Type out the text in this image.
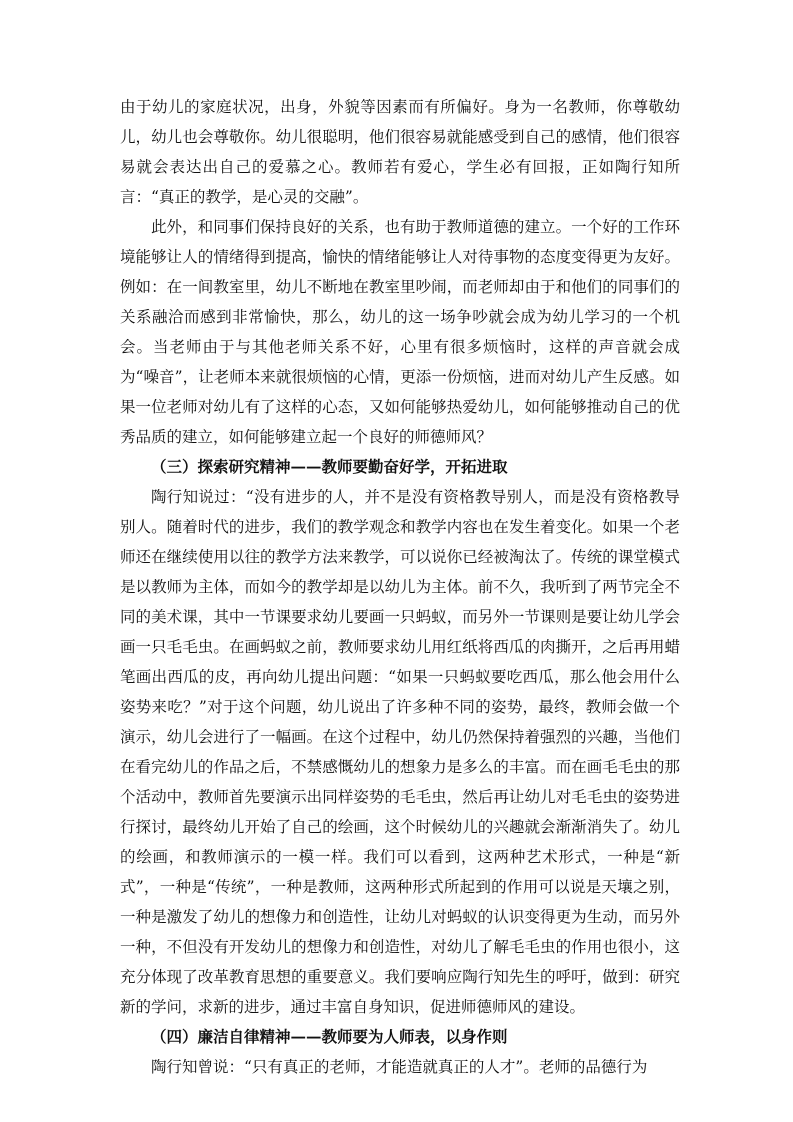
由于幼儿的家庭状况，出身，外貌等因素而有所偏好。身为一名教师，你尊敬幼儿，幼儿也会尊敬你。幼儿很聪明，他们很容易就能感受到自己的感情，他们很容易就会表达出自己的爱慕之心。教师若有爱心，学生必有回报，正如陶行知所言：“真正的教学，是心灵的交融”。

此外，和同事们保持良好的关系，也有助于教师道德的建立。一个好的工作环境能够让人的情绪得到提高，愉快的情绪能够让人对待事物的态度变得更为友好。例如：在一间教室里，幼儿不断地在教室里吵闹，而老师却由于和他们的同事们的关系融洽而感到非常愉快，那么，幼儿的这一场争吵就会成为幼儿学习的一个机会。当老师由于与其他老师关系不好，心里有很多烦恼时，这样的声音就会成为“噪音”，让老师本来就很烦恼的心情，更添一份烦恼，进而对幼儿产生反感。如果一位老师对幼儿有了这样的心态，又如何能够热爱幼儿，如何能够推动自己的优秀品质的建立，如何能够建立起一个良好的师德师风？

（三）探索研究精神——教师要勤奋好学，开拓进取

陶行知说过：“没有进步的人，并不是没有资格教导别人，而是没有资格教导别人。随着时代的进步，我们的教学观念和教学内容也在发生着变化。如果一个老师还在继续使用以往的教学方法来教学，可以说你已经被淘汰了。传统的课堂模式是以教师为主体，而如今的教学却是以幼儿为主体。前不久，我听到了两节完全不同的美术课，其中一节课要求幼儿要画一只蚂蚁，而另外一节课则是要让幼儿学会画一只毛毛虫。在画蚂蚁之前，教师要求幼儿用红纸将西瓜的肉撕开，之后再用蜡笔画出西瓜的皮，再向幼儿提出问题：“如果一只蚂蚁要吃西瓜，那么他会用什么姿势来吃？”对于这个问题，幼儿说出了许多种不同的姿势，最终，教师会做一个演示，幼儿会进行了一幅画。在这个过程中，幼儿仍然保持着强烈的兴趣，当他们在看完幼儿的作品之后，不禁感慨幼儿的想象力是多么的丰富。而在画毛毛虫的那个活动中，教师首先要演示出同样姿势的毛毛虫，然后再让幼儿对毛毛虫的姿势进行探讨，最终幼儿开始了自己的绘画，这个时候幼儿的兴趣就会渐渐消失了。幼儿的绘画，和教师演示的一模一样。我们可以看到，这两种艺术形式，一种是“新式”，一种是“传统”，一种是教师，这两种形式所起到的作用可以说是天壤之别，一种是激发了幼儿的想像力和创造性，让幼儿对蚂蚁的认识变得更为生动，而另外一种，不但没有开发幼儿的想像力和创造性，对幼儿了解毛毛虫的作用也很小，这充分体现了改革教育思想的重要意义。我们要响应陶行知先生的呼吁，做到：研究新的学问，求新的进步，通过丰富自身知识，促进师德师风的建设。

（四）廉洁自律精神——教师要为人师表，以身作则

陶行知曾说：“只有真正的老师，才能造就真正的人才”。老师的品德行为
